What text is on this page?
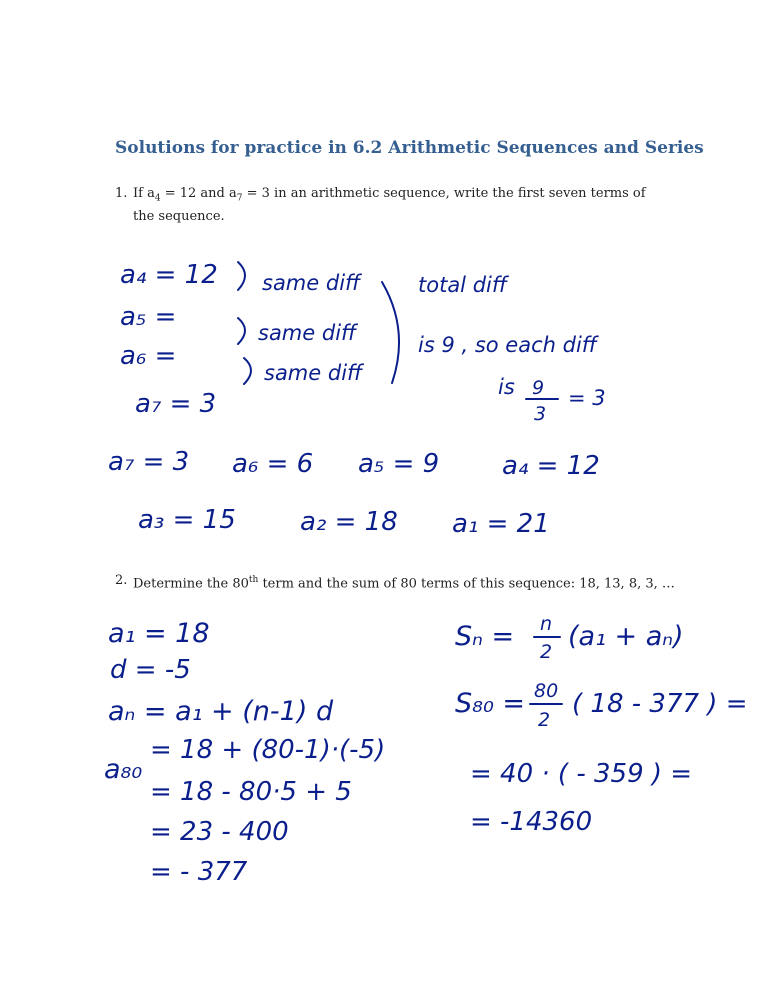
Solutions for practice in 6.2 Arithmetic Sequences and Series
1. If $a_4 = 12$ and $a_7 = 3$ in an arithmetic sequence, write the first seven terms of the sequence.
2. Determine the 80th term and the sum of 80 terms of this sequence: 18, 13, 8, 3, …
a₄ = 12
a₅ =
a₆ =
a₇ = 3
same diff
same diff
same diff
total diff
is 9 , so each diff
is 9
3
= 3
a₇ = 3 a₆ = 6 a₅ = 9 a₄ = 12
a₃ = 15 a₂ = 18 a₁ = 21
a₁ = 18
d = -5
aₙ = a₁ + (n-1) d
a₈₀
= 18 + (80-1)·(-5)
= 18 - 80·5 + 5
= 23 - 400
= - 377
Sₙ = n
2 (a₁ + aₙ)
S₈₀ = 80
2
( 18 - 377 ) =
= 40 · ( - 359 ) =
= -14360
